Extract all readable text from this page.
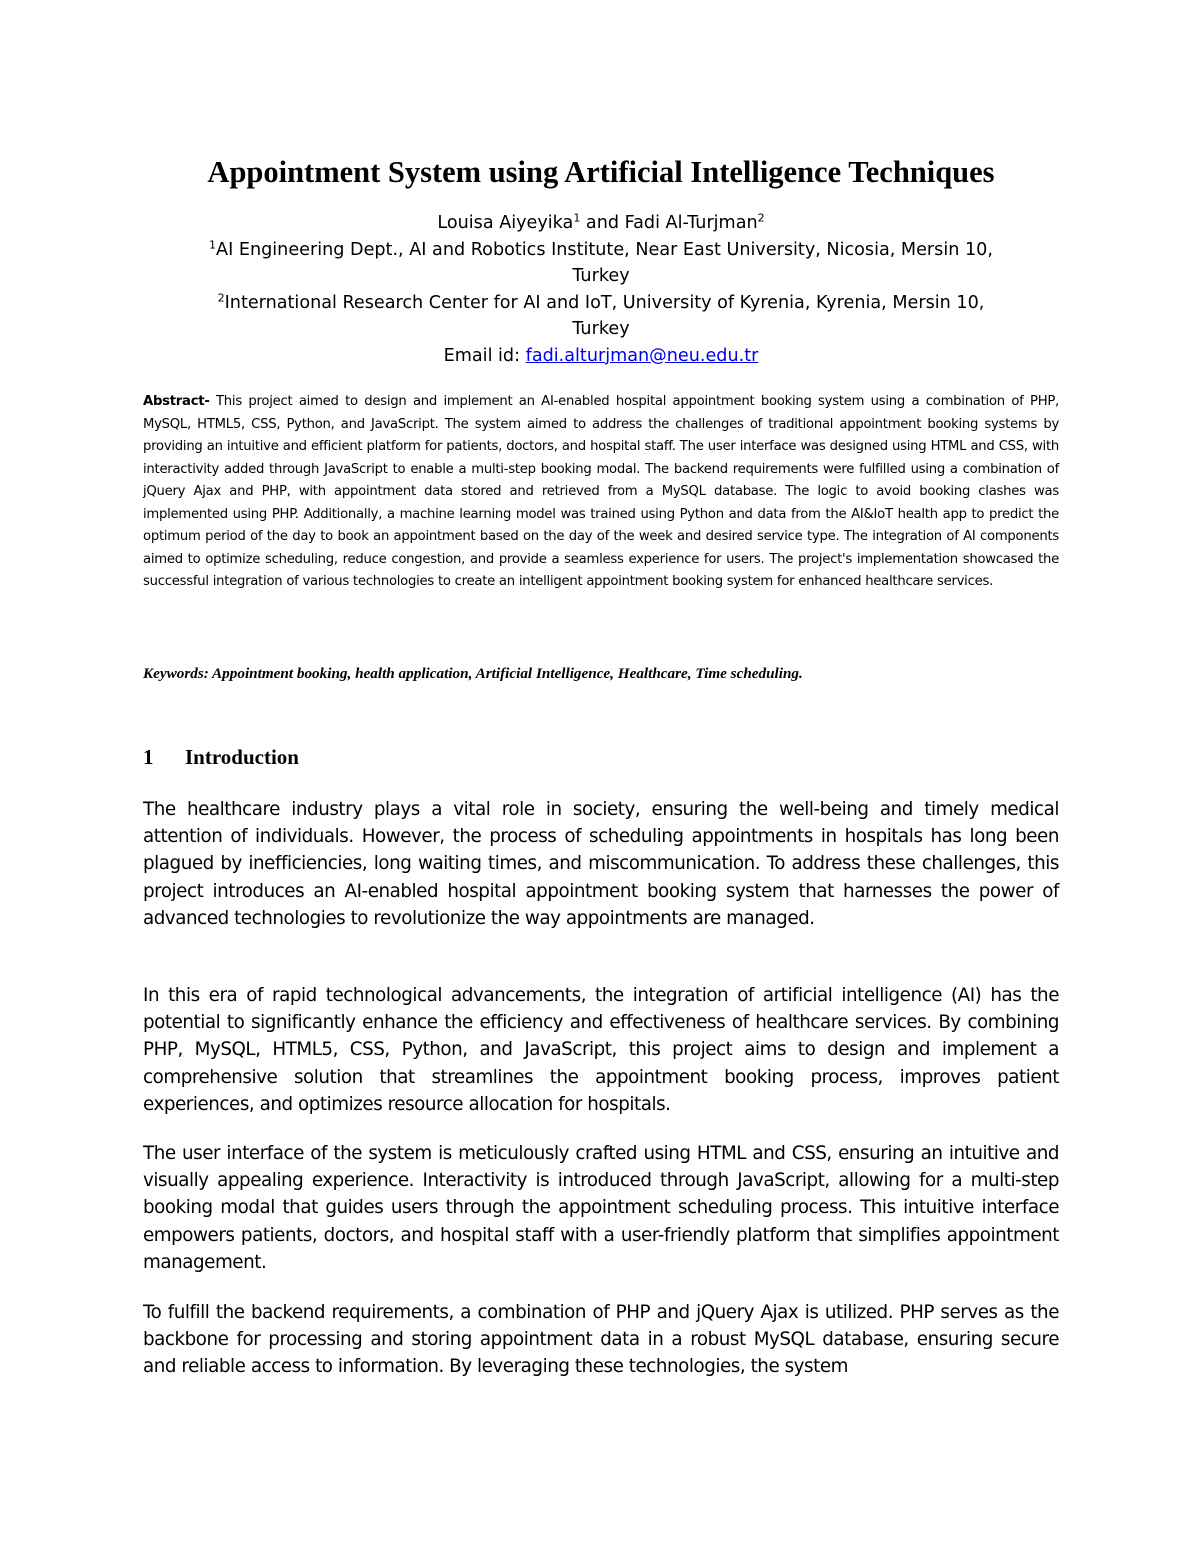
Appointment System using Artificial Intelligence Techniques
Louisa Aiyeyika$^1$ and Fadi Al-Turjman$^2$
$^1$AI Engineering Dept., AI and Robotics Institute, Near East University, Nicosia, Mersin 10,
Turkey
$^2$International Research Center for AI and IoT, University of Kyrenia, Kyrenia, Mersin 10,
Turkey
Email id: fadi.alturjman@neu.edu.tr
Abstract- This project aimed to design and implement an AI-enabled hospital appointment booking system using a combination of PHP, MySQL, HTML5, CSS, Python, and JavaScript. The system aimed to address the challenges of traditional appointment booking systems by providing an intuitive and efficient platform for patients, doctors, and hospital staff. The user interface was designed using HTML and CSS, with interactivity added through JavaScript to enable a multi-step booking modal. The backend requirements were fulfilled using a combination of jQuery Ajax and PHP, with appointment data stored and retrieved from a MySQL database. The logic to avoid booking clashes was implemented using PHP. Additionally, a machine learning model was trained using Python and data from the AI&IoT health app to predict the optimum period of the day to book an appointment based on the day of the week and desired service type. The integration of AI components aimed to optimize scheduling, reduce congestion, and provide a seamless experience for users. The project's implementation showcased the successful integration of various technologies to create an intelligent appointment booking system for enhanced healthcare services.
Keywords: Appointment booking, health application, Artificial Intelligence, Healthcare, Time scheduling.
1 Introduction

The healthcare industry plays a vital role in society, ensuring the well-being and timely medical attention of individuals. However, the process of scheduling appointments in hospitals has long been plagued by inefficiencies, long waiting times, and miscommunication. To address these challenges, this project introduces an AI-enabled hospital appointment booking system that harnesses the power of advanced technologies to revolutionize the way appointments are managed.

In this era of rapid technological advancements, the integration of artificial intelligence (AI) has the potential to significantly enhance the efficiency and effectiveness of healthcare services. By combining PHP, MySQL, HTML5, CSS, Python, and JavaScript, this project aims to design and implement a comprehensive solution that streamlines the appointment booking process, improves patient experiences, and optimizes resource allocation for hospitals.

The user interface of the system is meticulously crafted using HTML and CSS, ensuring an intuitive and visually appealing experience. Interactivity is introduced through JavaScript, allowing for a multi-step booking modal that guides users through the appointment scheduling process. This intuitive interface empowers patients, doctors, and hospital staff with a user-friendly platform that simplifies appointment management.

To fulfill the backend requirements, a combination of PHP and jQuery Ajax is utilized. PHP serves as the backbone for processing and storing appointment data in a robust MySQL database, ensuring secure and reliable access to information. By leveraging these technologies, the system
